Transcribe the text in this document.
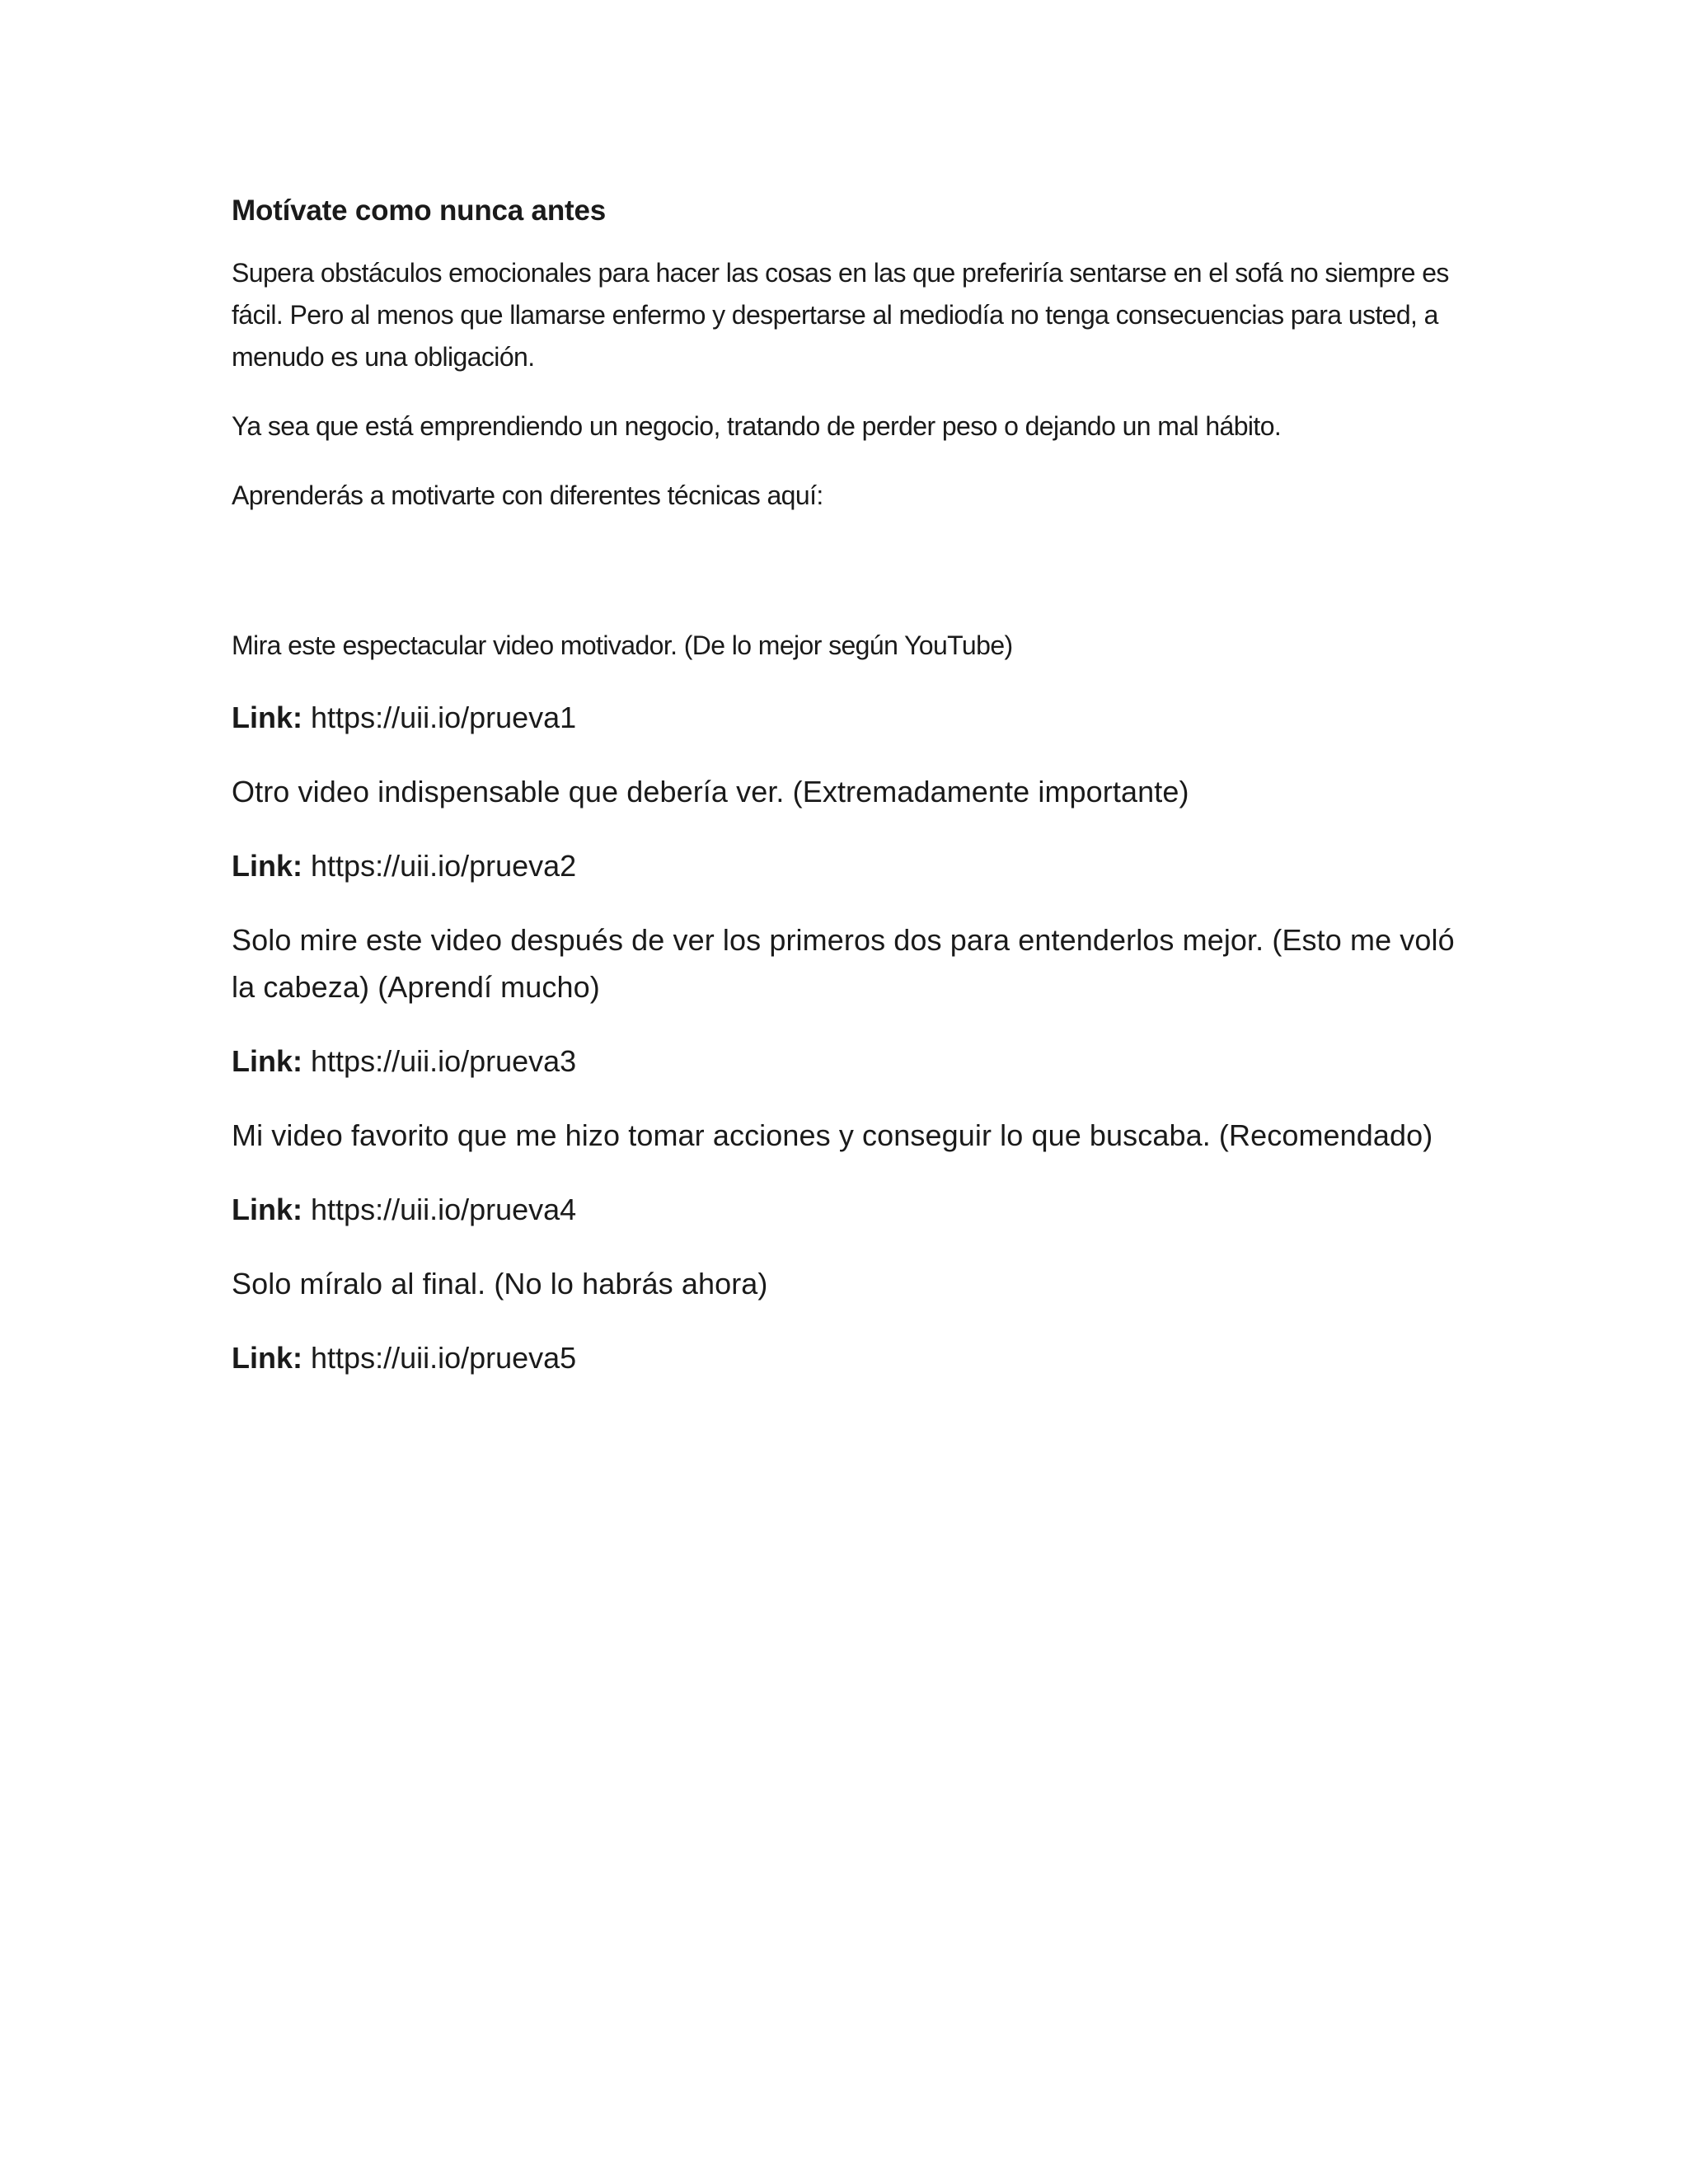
Motívate como nunca antes

Supera obstáculos emocionales para hacer las cosas en las que preferiría sentarse en el sofá no siempre es fácil. Pero al menos que llamarse enfermo y despertarse al mediodía no tenga consecuencias para usted, a menudo es una obligación.

Ya sea que está emprendiendo un negocio, tratando de perder peso o dejando un mal hábito.

Aprenderás a motivarte con diferentes técnicas aquí:

Mira este espectacular video motivador. (De lo mejor según YouTube)

Link: https://uii.io/prueva1

Otro video indispensable que debería ver. (Extremadamente importante)

Link: https://uii.io/prueva2

Solo mire este video después de ver los primeros dos para entenderlos mejor. (Esto me voló la cabeza) (Aprendí mucho)

Link: https://uii.io/prueva3

Mi video favorito que me hizo tomar acciones y conseguir lo que buscaba. (Recomendado)

Link: https://uii.io/prueva4

Solo míralo al final. (No lo habrás ahora)

Link: https://uii.io/prueva5
